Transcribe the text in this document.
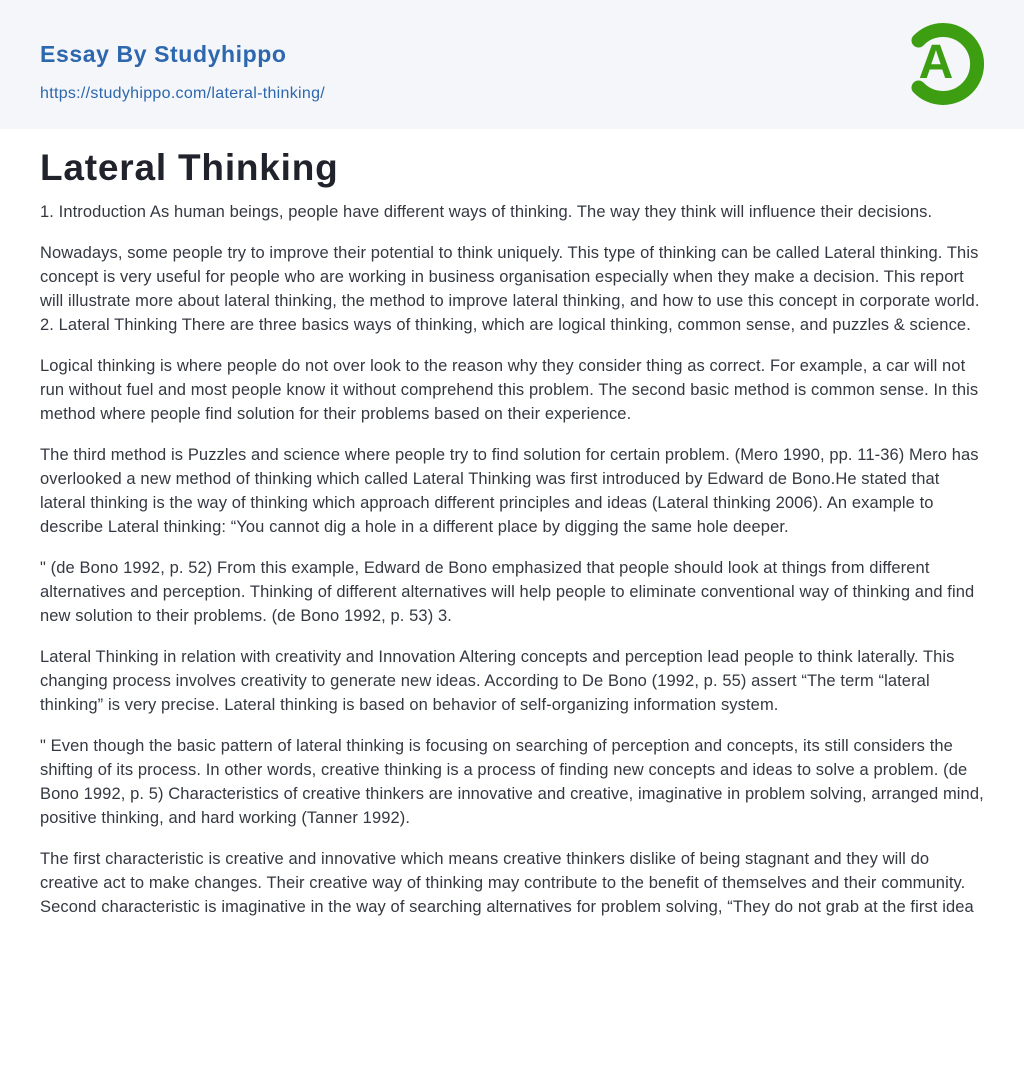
Essay By Studyhippo
https://studyhippo.com/lateral-thinking/
A
Lateral Thinking

1. Introduction As human beings, people have different ways of thinking. The way they think will influence their decisions.

Nowadays, some people try to improve their potential to think uniquely. This type of thinking can be called Lateral thinking. This concept is very useful for people who are working in business organisation especially when they make a decision. This report will illustrate more about lateral thinking, the method to improve lateral thinking, and how to use this concept in corporate world. 2. Lateral Thinking There are three basics ways of thinking, which are logical thinking, common sense, and puzzles & science.

Logical thinking is where people do not over look to the reason why they consider thing as correct. For example, a car will not run without fuel and most people know it without comprehend this problem. The second basic method is common sense. In this method where people find solution for their problems based on their experience.

The third method is Puzzles and science where people try to find solution for certain problem. (Mero 1990, pp. 11-36) Mero has overlooked a new method of thinking which called Lateral Thinking was first introduced by Edward de Bono.He stated that lateral thinking is the way of thinking which approach different principles and ideas (Lateral thinking 2006). An example to describe Lateral thinking: “You cannot dig a hole in a different place by digging the same hole deeper.

" (de Bono 1992, p. 52) From this example, Edward de Bono emphasized that people should look at things from different alternatives and perception. Thinking of different alternatives will help people to eliminate conventional way of thinking and find new solution to their problems. (de Bono 1992, p. 53) 3.

Lateral Thinking in relation with creativity and Innovation Altering concepts and perception lead people to think laterally. This changing process involves creativity to generate new ideas. According to De Bono (1992, p. 55) assert “The term “lateral thinking” is very precise. Lateral thinking is based on behavior of self-organizing information system.

" Even though the basic pattern of lateral thinking is focusing on searching of perception and concepts, its still considers the shifting of its process. In other words, creative thinking is a process of finding new concepts and ideas to solve a problem. (de Bono 1992, p. 5) Characteristics of creative thinkers are innovative and creative, imaginative in problem solving, arranged mind, positive thinking, and hard working (Tanner 1992).

The first characteristic is creative and innovative which means creative thinkers dislike of being stagnant and they will do creative act to make changes. Their creative way of thinking may contribute to the benefit of themselves and their community. Second characteristic is imaginative in the way of searching alternatives for problem solving, “They do not grab at the first idea
